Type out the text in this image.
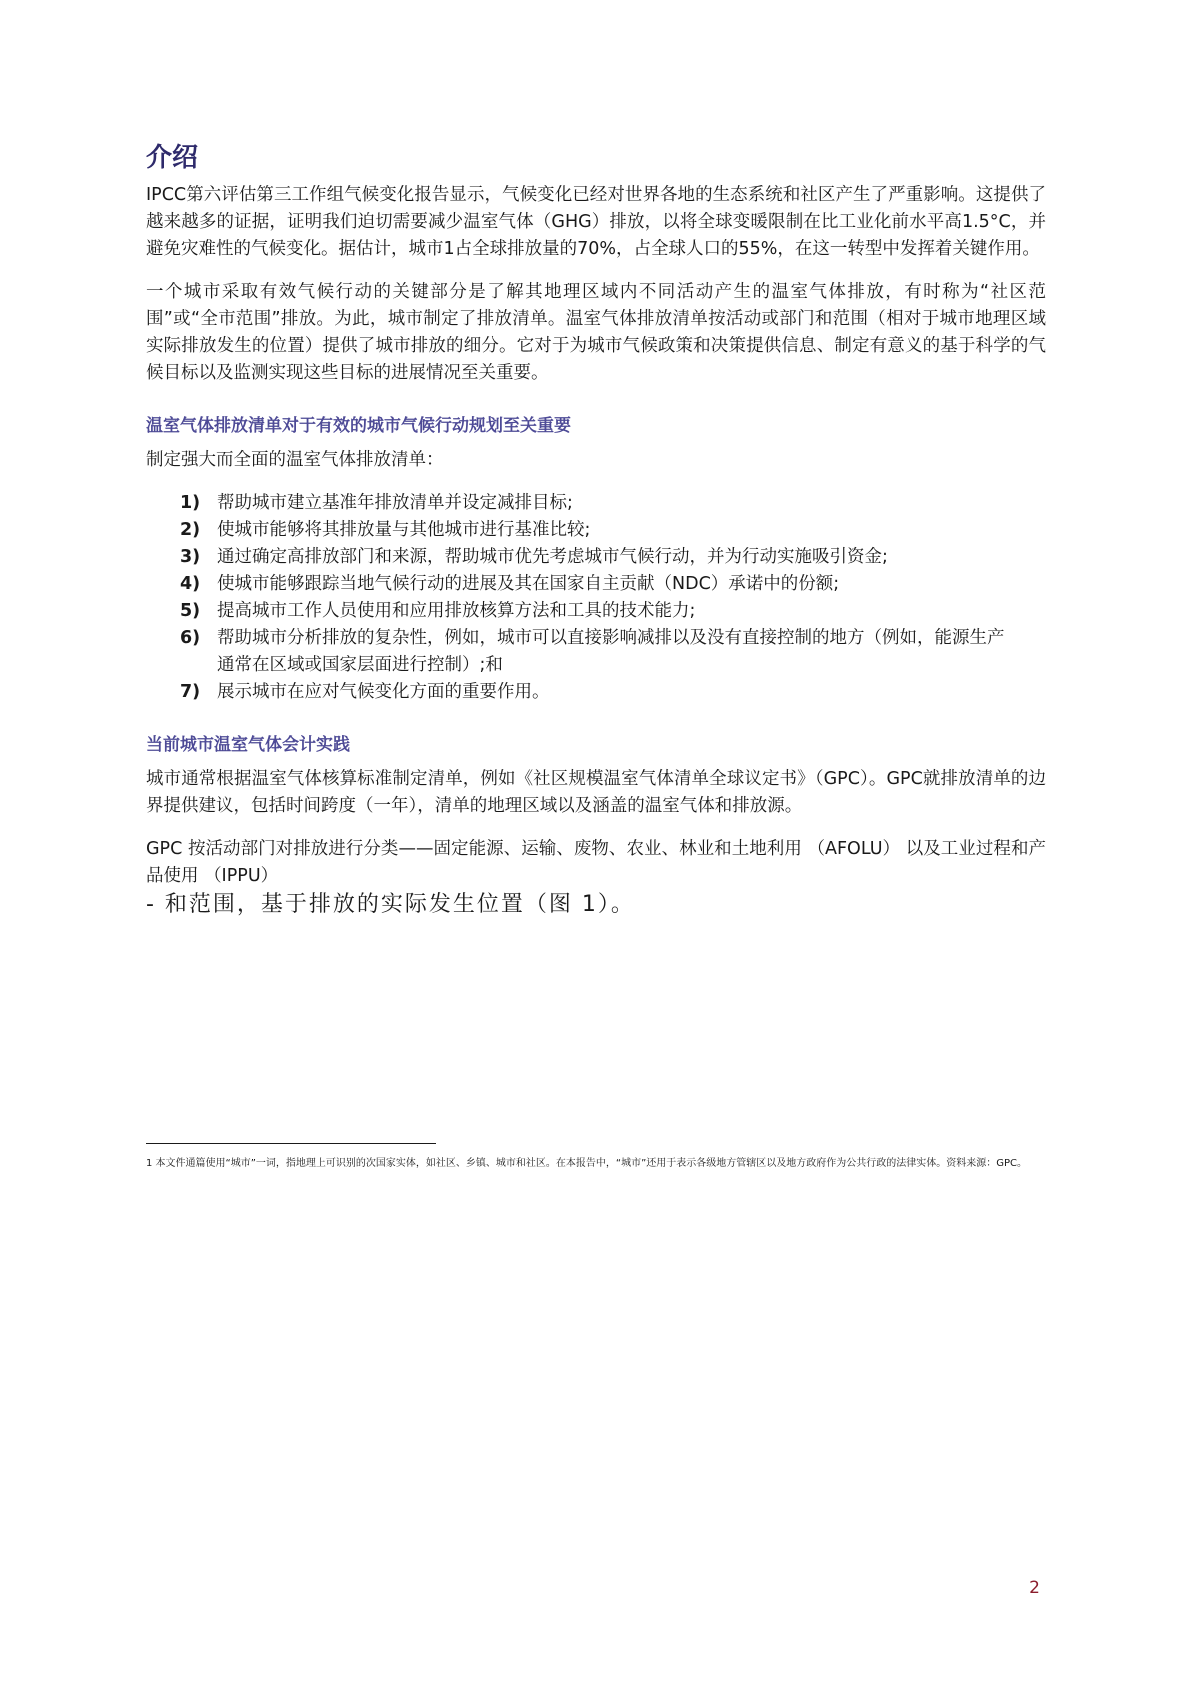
介绍

IPCC第六评估第三工作组气候变化报告显示，气候变化已经对世界各地的生态系统和社区产生了严重影响。这提供了越来越多的证据，证明我们迫切需要减少温室气体（GHG）排放，以将全球变暖限制在比工业化前水平高1.5°C，并避免灾难性的气候变化。据估计，城市1占全球排放量的70%，占全球人口的55%，在这一转型中发挥着关键作用。

一个城市采取有效气候行动的关键部分是了解其地理区域内不同活动产生的温室气体排放，有时称为“社区范围”或“全市范围”排放。为此，城市制定了排放清单。温室气体排放清单按活动或部门和范围（相对于城市地理区域实际排放发生的位置）提供了城市排放的细分。它对于为城市气候政策和决策提供信息、制定有意义的基于科学的气候目标以及监测实现这些目标的进展情况至关重要。

温室气体排放清单对于有效的城市气候行动规划至关重要

制定强大而全面的温室气体排放清单：

1) 帮助城市建立基准年排放清单并设定减排目标;
2) 使城市能够将其排放量与其他城市进行基准比较;
3) 通过确定高排放部门和来源，帮助城市优先考虑城市气候行动，并为行动实施吸引资金;
4) 使城市能够跟踪当地气候行动的进展及其在国家自主贡献（NDC）承诺中的份额;
5) 提高城市工作人员使用和应用排放核算方法和工具的技术能力;
6) 帮助城市分析排放的复杂性，例如，城市可以直接影响减排以及没有直接控制的地方（例如，能源生产通常在区域或国家层面进行控制）;和
7) 展示城市在应对气候变化方面的重要作用。
当前城市温室气体会计实践

城市通常根据温室气体核算标准制定清单，例如《社区规模温室气体清单全球议定书》（GPC）。GPC就排放清单的边界提供建议，包括时间跨度（一年），清单的地理区域以及涵盖的温室气体和排放源。

GPC 按活动部门对排放进行分类——固定能源、运输、废物、农业、林业和土地利用 （AFOLU） 以及工业过程和产品使用 （IPPU）

- 和范围，基于排放的实际发生位置（图 1）。

1 本文件通篇使用“城市”一词，指地理上可识别的次国家实体，如社区、乡镇、城市和社区。在本报告中，“城市”还用于表示各级地方管辖区以及地方政府作为公共行政的法律实体。资料来源：GPC。

2
